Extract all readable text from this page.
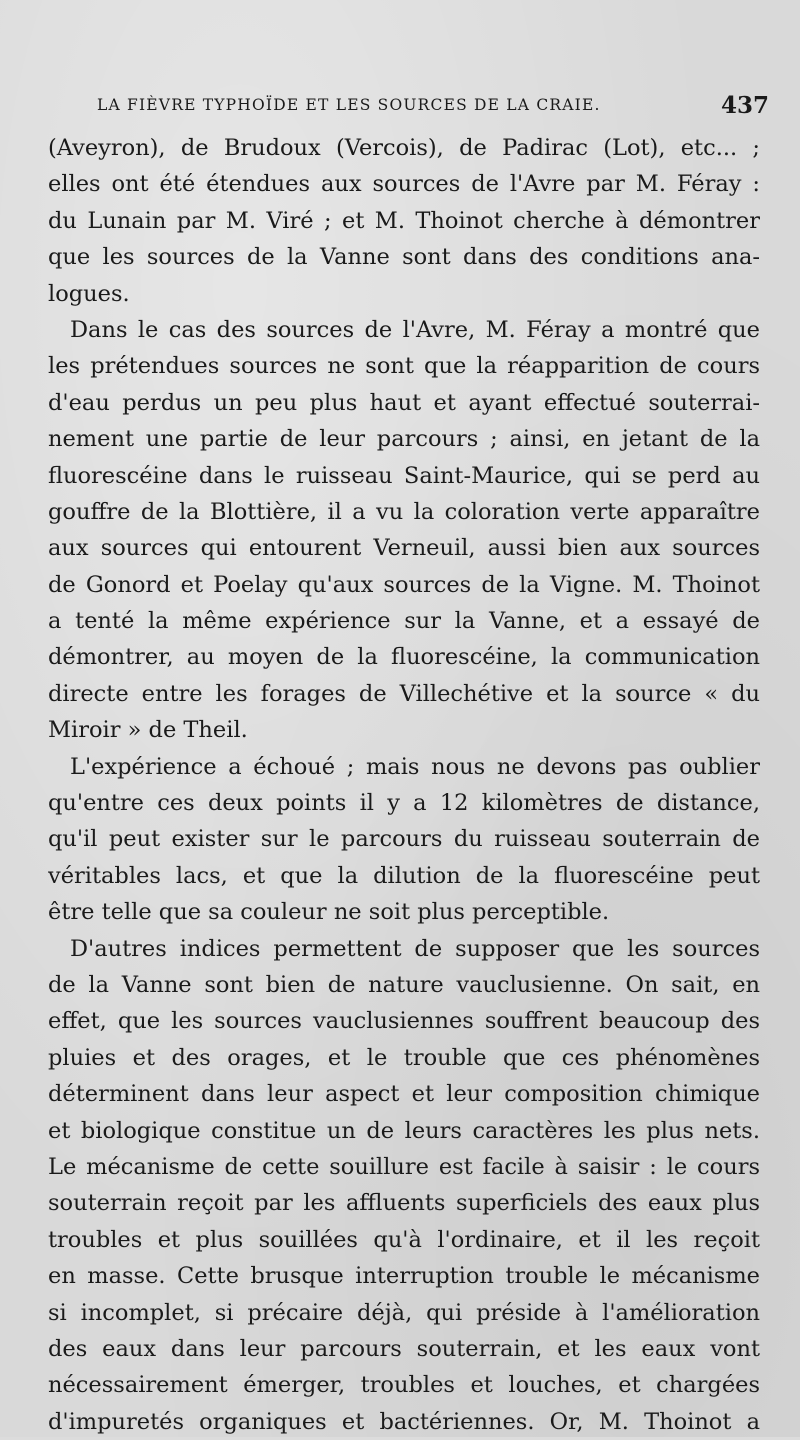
LA FIÈVRE TYPHOÏDE ET LES SOURCES DE LA CRAIE.	437
(Aveyron), de Brudoux (Vercois), de Padirac (Lot), etc... ;
elles ont été étendues aux sources de l'Avre par M. Féray :
du Lunain par M. Viré ; et M. Thoinot cherche à démontrer
que les sources de la Vanne sont dans des conditions ana-
logues.
Dans le cas des sources de l'Avre, M. Féray a montré que
les prétendues sources ne sont que la réapparition de cours
d'eau perdus un peu plus haut et ayant effectué souterrai-
nement une partie de leur parcours ; ainsi, en jetant de la
fluorescéine dans le ruisseau Saint-Maurice, qui se perd au
gouffre de la Blottière, il a vu la coloration verte apparaître
aux sources qui entourent Verneuil, aussi bien aux sources
de Gonord et Poelay qu'aux sources de la Vigne. M. Thoinot
a tenté la même expérience sur la Vanne, et a essayé de
démontrer, au moyen de la fluorescéine, la communication
directe entre les forages de Villechétive et la source « du
Miroir » de Theil.
L'expérience a échoué ; mais nous ne devons pas oublier
qu'entre ces deux points il y a 12 kilomètres de distance,
qu'il peut exister sur le parcours du ruisseau souterrain de
véritables lacs, et que la dilution de la fluorescéine peut
être telle que sa couleur ne soit plus perceptible.
D'autres indices permettent de supposer que les sources
de la Vanne sont bien de nature vauclusienne. On sait, en
effet, que les sources vauclusiennes souffrent beaucoup des
pluies et des orages, et le trouble que ces phénomènes
déterminent dans leur aspect et leur composition chimique
et biologique constitue un de leurs caractères les plus nets.
Le mécanisme de cette souillure est facile à saisir : le cours
souterrain reçoit par les affluents superficiels des eaux plus
troubles et plus souillées qu'à l'ordinaire, et il les reçoit
en masse. Cette brusque interruption trouble le mécanisme
si incomplet, si précaire déjà, qui préside à l'amélioration
des eaux dans leur parcours souterrain, et les eaux vont
nécessairement émerger, troubles et louches, et chargées
d'impuretés organiques et bactériennes. Or, M. Thoinot a
